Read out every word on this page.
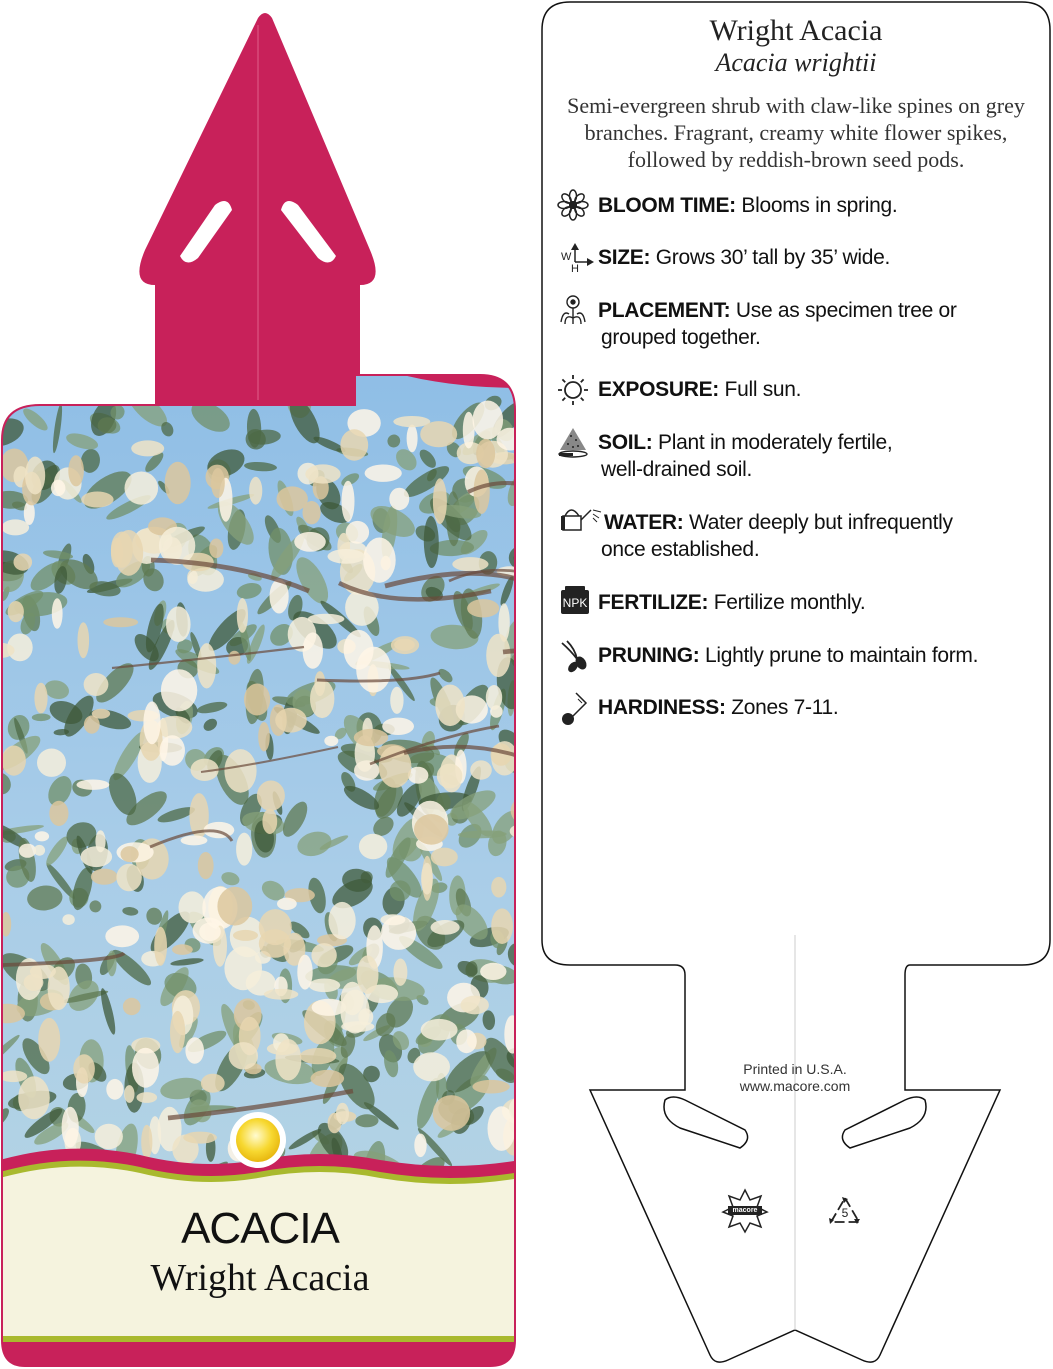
ACACIA
Wright Acacia
Wright Acacia
Acacia wrightii
Semi-evergreen shrub with claw-like spines on grey branches. Fragrant, creamy white flower spikes, followed by reddish-brown seed pods.
W
H
NPK
BLOOM TIME: Blooms in spring.
SIZE: Grows 30’ tall by 35’ wide.
PLACEMENT: Use as specimen tree or
grouped together.
EXPOSURE: Full sun.
SOIL: Plant in moderately fertile,
well-drained soil.
WATER: Water deeply but infrequently
once established.
FERTILIZE: Fertilize monthly.
PRUNING: Lightly prune to maintain form.
HARDINESS: Zones 7-11.
Printed in U.S.A.
www.macore.com
macore	5
